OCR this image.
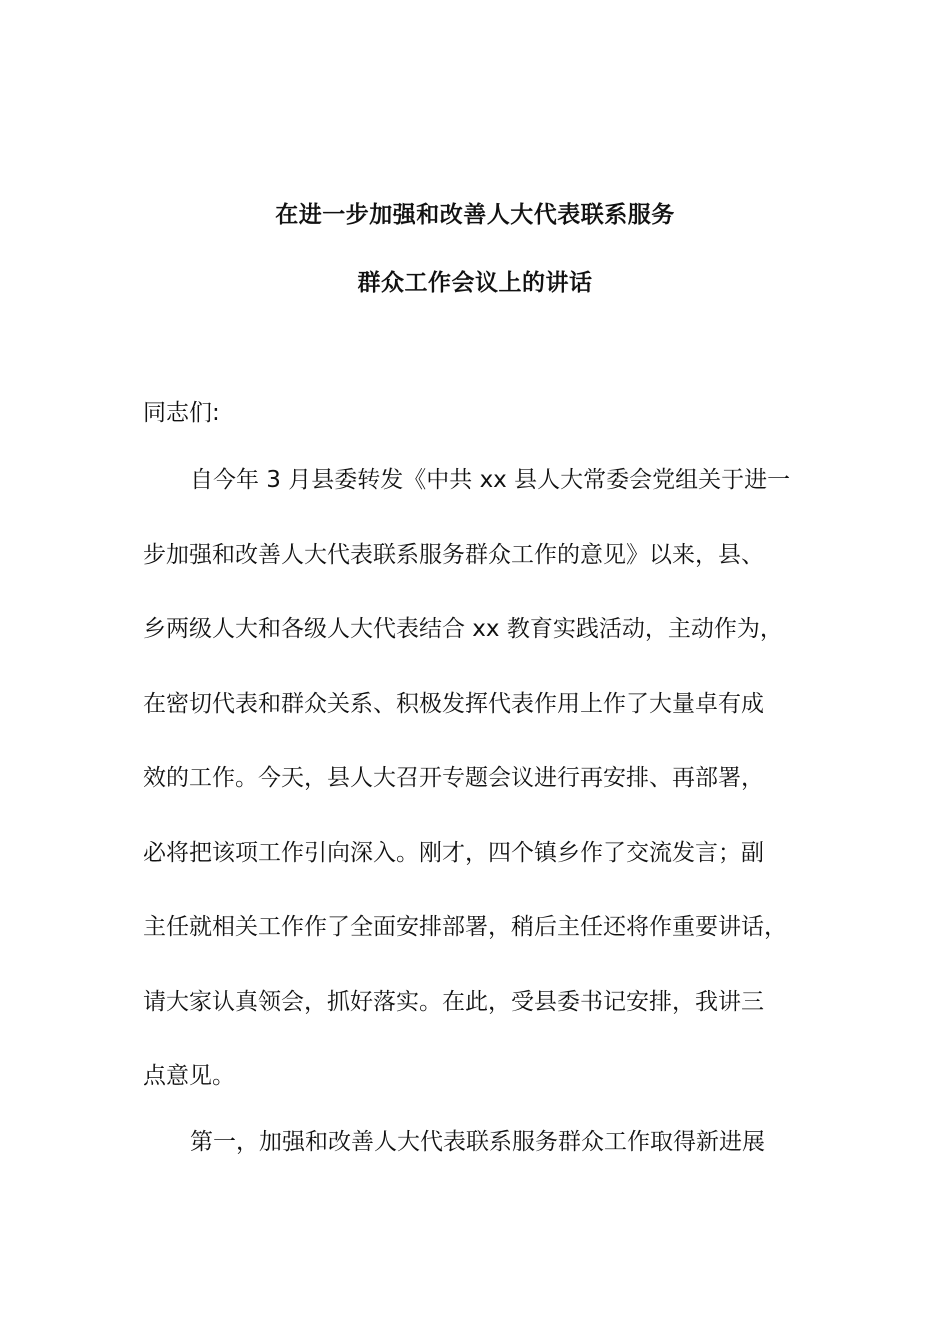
在进一步加强和改善人大代表联系服务
群众工作会议上的讲话
同志们:
自今年 3 月县委转发《中共 xx 县人大常委会党组关于进一
步加强和改善人大代表联系服务群众工作的意见》以来，县、
乡两级人大和各级人大代表结合 xx 教育实践活动，主动作为，
在密切代表和群众关系、积极发挥代表作用上作了大量卓有成
效的工作。今天，县人大召开专题会议进行再安排、再部署，
必将把该项工作引向深入。刚才，四个镇乡作了交流发言；副
主任就相关工作作了全面安排部署，稍后主任还将作重要讲话，
请大家认真领会，抓好落实。在此，受县委书记安排，我讲三
点意见。
第一，加强和改善人大代表联系服务群众工作取得新进展
